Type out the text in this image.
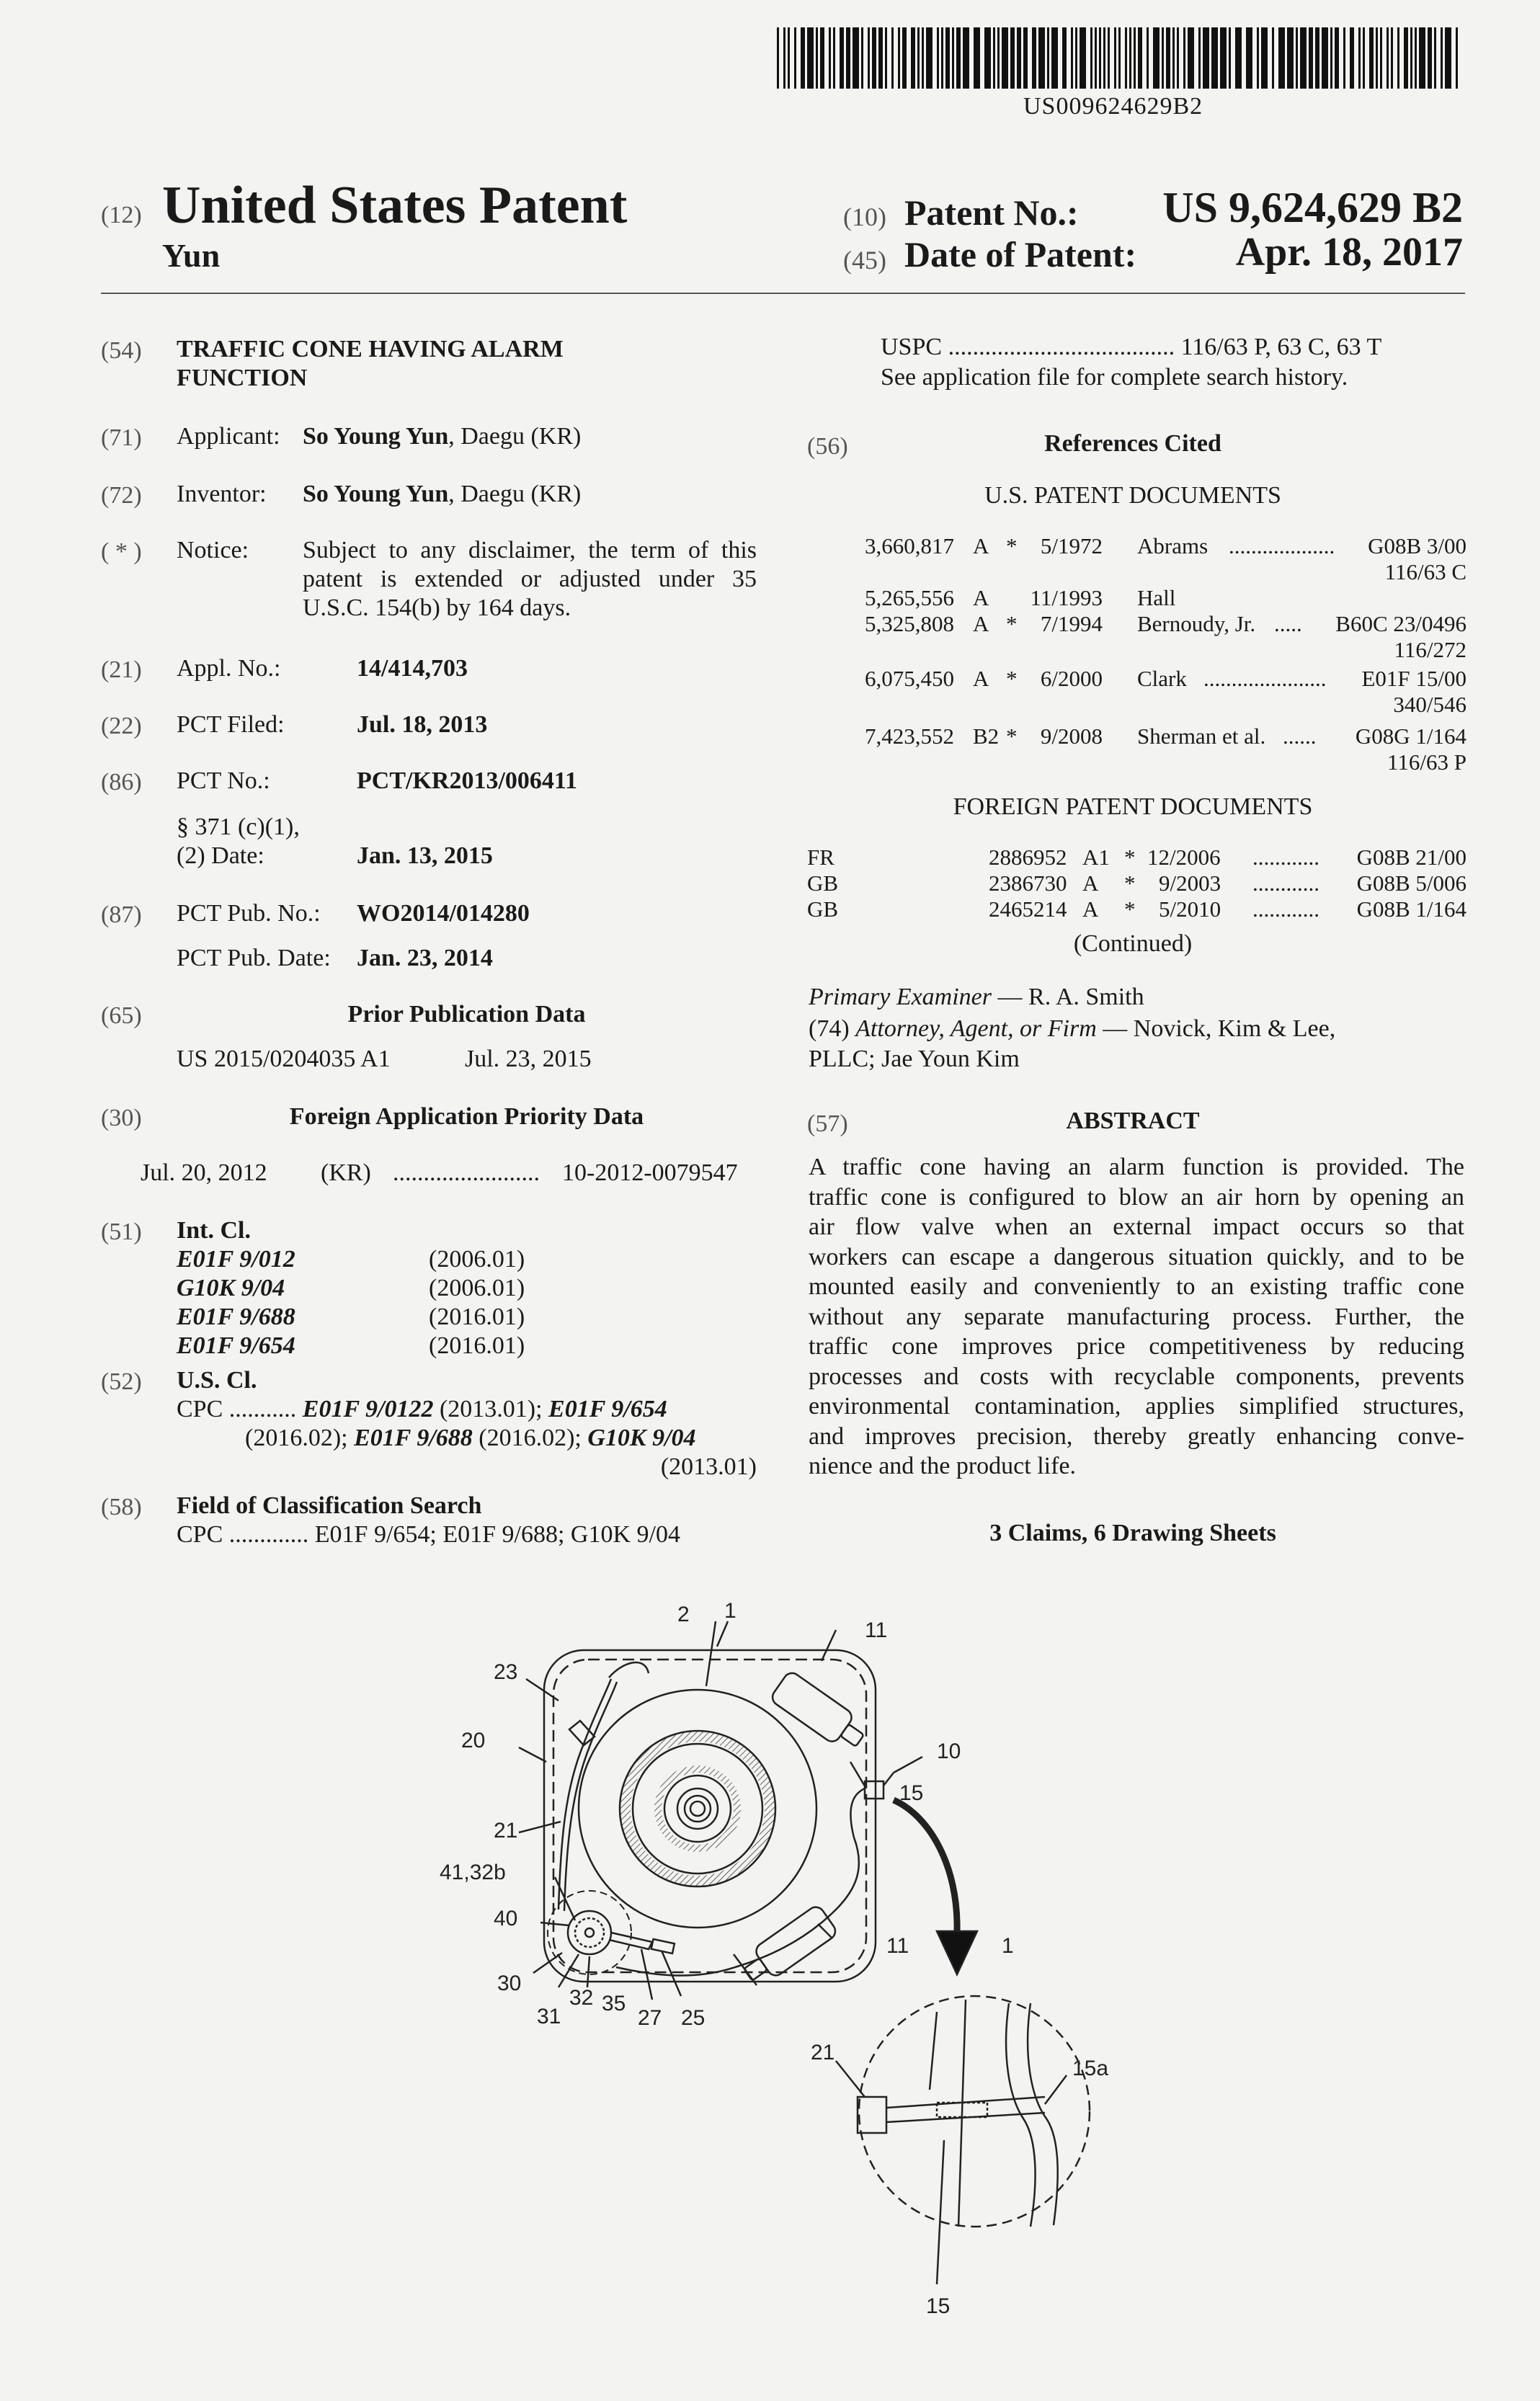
US009624629B2
(12) United States Patent
Yun
(10) Patent No.:	US 9,624,629 B2
(45) Date of Patent:	Apr. 18, 2017
(54) TRAFFIC CONE HAVING ALARM
FUNCTION
(71) Applicant: So Young Yun, Daegu (KR)
(72) Inventor: So Young Yun, Daegu (KR)
( * ) Notice: Subject to any disclaimer, the term of this
patent is extended or adjusted under 35
U.S.C. 154(b) by 164 days.
(21) Appl. No.:	14/414,703
(22) PCT Filed:	Jul. 18, 2013
(86) PCT No.:	PCT/KR2013/006411
§ 371 (c)(1),
(2) Date:	Jan. 13, 2015
(87) PCT Pub. No.: WO2014/014280
PCT Pub. Date: Jan. 23, 2014
(65)	Prior Publication Data
US 2015/0204035 A1	Jul. 23, 2015
(30)	Foreign Application Priority Data
Jul. 20, 2012 (KR) ........................ 10-2012-0079547
(51) Int. Cl.
E01F 9/012	(2006.01)
G10K 9/04	(2006.01)
E01F 9/688	(2016.01)
E01F 9/654	(2016.01)
(52) U.S. Cl.
CPC ........... E01F 9/0122 (2013.01); E01F 9/654
(2016.02); E01F 9/688 (2016.02); G10K 9/04
(2013.01)
(58) Field of Classification Search
CPC ............. E01F 9/654; E01F 9/688; G10K 9/04
USPC ..................................... 116/63 P, 63 C, 63 T
See application file for complete search history.
(56)	References Cited
U.S. PATENT DOCUMENTS
3,660,817 A *	5/1972 Abrams ...................	G08B 3/00
116/63 C
5,265,556 A	11/1993 Hall
5,325,808 A *	7/1994 Bernoudy, Jr. .....	B60C 23/0496
116/272
6,075,450 A *	6/2000 Clark ......................	E01F 15/00
340/546
7,423,552 B2 *	9/2008 Sherman et al. ......	G08G 1/164
116/63 P
FOREIGN PATENT DOCUMENTS
FR	2886952 A1 * 12/2006 ............	G08B 21/00
GB	2386730 A * 9/2003 ............	G08B 5/006
GB	2465214 A * 5/2010 ............	G08B 1/164
(Continued)
Primary Examiner — R. A. Smith
(74) Attorney, Agent, or Firm — Novick, Kim & Lee,
PLLC; Jae Youn Kim
(57)	ABSTRACT
A traffic cone having an alarm function is provided. The
traffic cone is configured to blow an air horn by opening an
air flow valve when an external impact occurs so that
workers can escape a dangerous situation quickly, and to be
mounted easily and conveniently to an existing traffic cone
without any separate manufacturing process. Further, the
traffic cone improves price competitiveness by reducing
processes and costs with recyclable components, prevents
environmental contamination, applies simplified structures,
and improves precision, thereby greatly enhancing conve-
nience and the product life.
3 Claims, 6 Drawing Sheets
2 1
11
23
20	10
15
21
41,32b
40
11
30
32 35
31	27 25
1
21
15a
15
